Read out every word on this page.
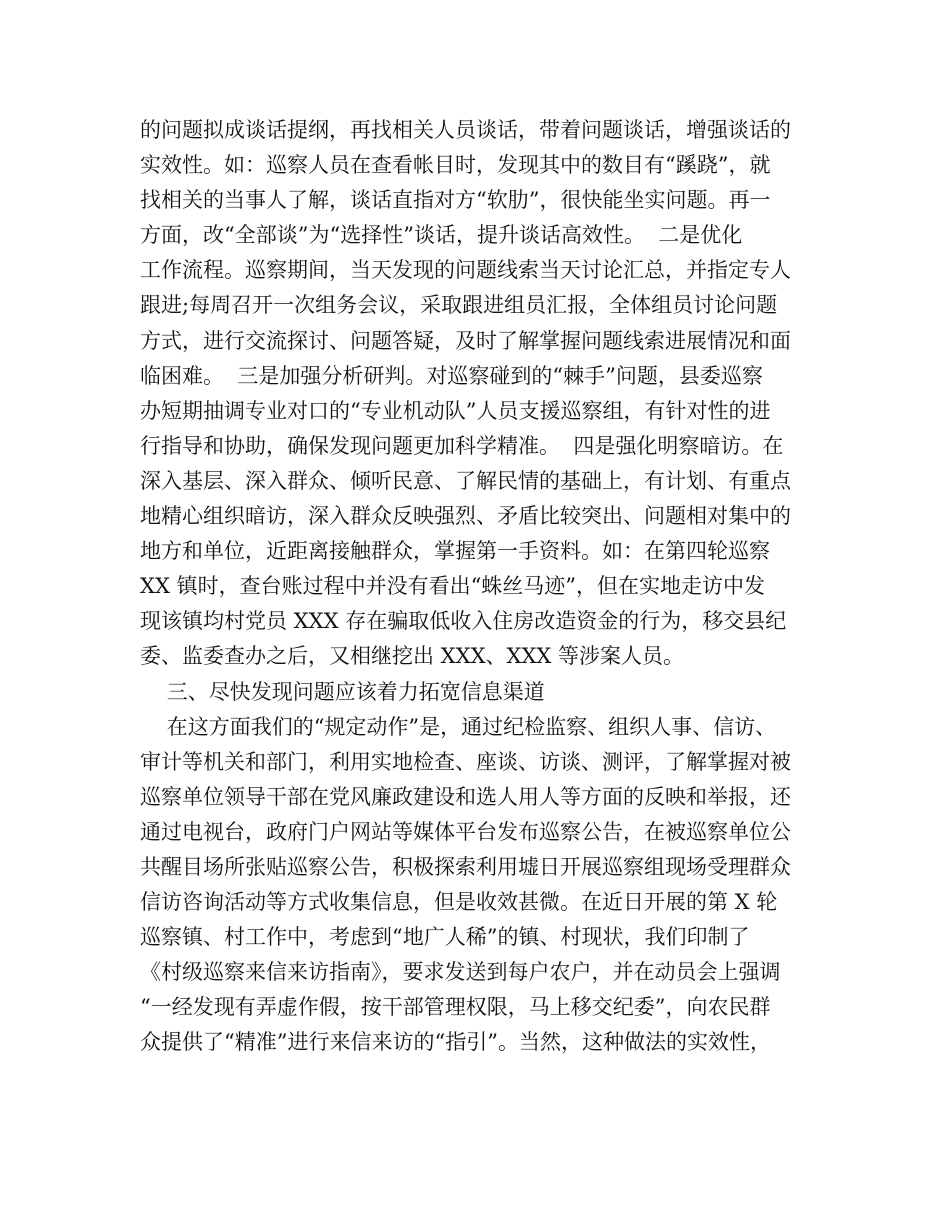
的问题拟成谈话提纲，再找相关人员谈话，带着问题谈话，增强谈话的
实效性。如：巡察人员在查看帐目时，发现其中的数目有“蹊跷”，就
找相关的当事人了解，谈话直指对方“软肋”，很快能坐实问题。再一
方面，改“全部谈”为“选择性”谈话，提升谈话高效性。  二是优化
工作流程。巡察期间，当天发现的问题线索当天讨论汇总，并指定专人
跟进;每周召开一次组务会议，采取跟进组员汇报，全体组员讨论问题
方式，进行交流探讨、问题答疑，及时了解掌握问题线索进展情况和面
临困难。  三是加强分析研判。对巡察碰到的“棘手”问题，县委巡察
办短期抽调专业对口的“专业机动队”人员支援巡察组，有针对性的进
行指导和协助，确保发现问题更加科学精准。  四是强化明察暗访。在
深入基层、深入群众、倾听民意、了解民情的基础上，有计划、有重点
地精心组织暗访，深入群众反映强烈、矛盾比较突出、问题相对集中的
地方和单位，近距离接触群众，掌握第一手资料。如：在第四轮巡察
XX 镇时，查台账过程中并没有看出“蛛丝马迹”，但在实地走访中发
现该镇均村党员 XXX 存在骗取低收入住房改造资金的行为，移交县纪
委、监委查办之后，又相继挖出 XXX、XXX 等涉案人员。
三、尽快发现问题应该着力拓宽信息渠道
在这方面我们的“规定动作”是，通过纪检监察、组织人事、信访、
审计等机关和部门，利用实地检查、座谈、访谈、测评，了解掌握对被
巡察单位领导干部在党风廉政建设和选人用人等方面的反映和举报，还
通过电视台，政府门户网站等媒体平台发布巡察公告，在被巡察单位公
共醒目场所张贴巡察公告，积极探索利用墟日开展巡察组现场受理群众
信访咨询活动等方式收集信息，但是收效甚微。在近日开展的第 X 轮
巡察镇、村工作中，考虑到“地广人稀”的镇、村现状，我们印制了
《村级巡察来信来访指南》，要求发送到每户农户，并在动员会上强调
“一经发现有弄虚作假，按干部管理权限，马上移交纪委”，向农民群
众提供了“精准”进行来信来访的“指引”。当然，这种做法的实效性，
